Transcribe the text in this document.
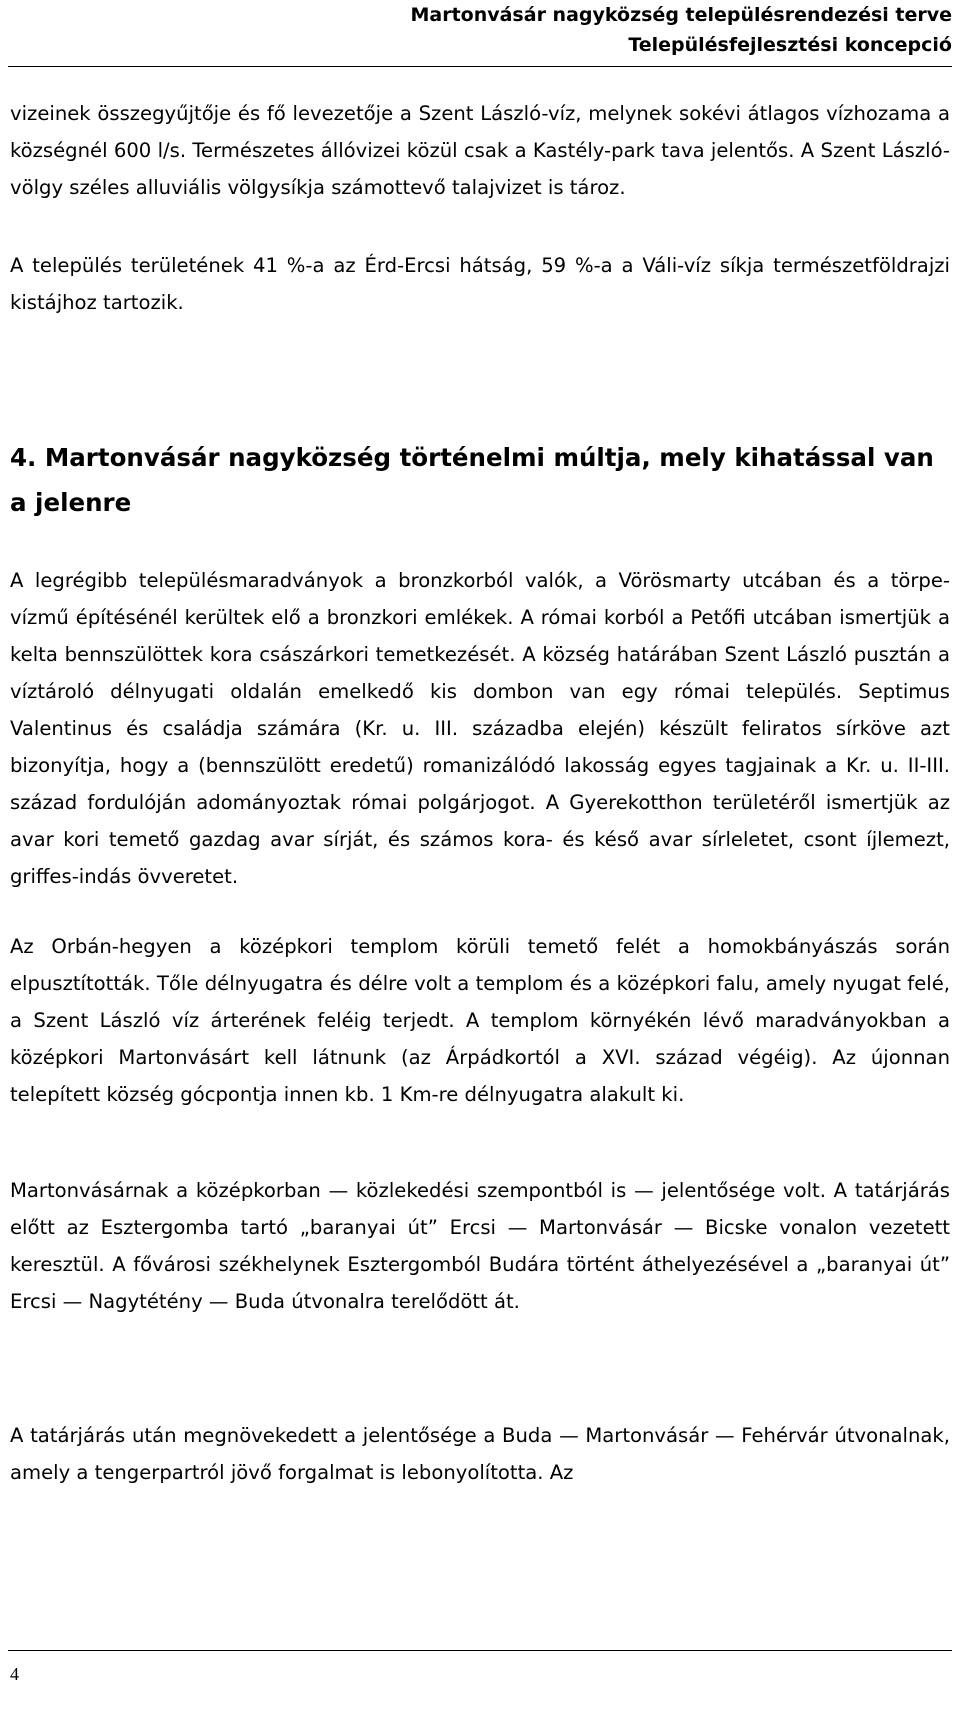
Martonvásár nagyközség településrendezési terve
Településfejlesztési koncepció

vizeinek összegyűjtője és fő levezetője a Szent László-víz, melynek sokévi átlagos vízhozama a községnél 600 l/s. Természetes állóvizei közül csak a Kastély-park tava jelentős. A Szent László-völgy széles alluviális völgysíkja számottevő talajvizet is tároz.

A település területének 41 %-a az Érd-Ercsi hátság, 59 %-a a Váli-víz síkja természetföldrajzi kistájhoz tartozik.

4. Martonvásár nagyközség történelmi múltja, mely kihatással van a jelenre

A legrégibb településmaradványok a bronzkorból valók, a Vörösmarty utcában és a törpe-vízmű építésénél kerültek elő a bronzkori emlékek. A római korból a Petőfi utcában ismertjük a kelta bennszülöttek kora császárkori temetkezését. A község határában Szent László pusztán a víztároló délnyugati oldalán emelkedő kis dombon van egy római település. Septimus Valentinus és családja számára (Kr. u. III. századba elején) készült feliratos sírköve azt bizonyítja, hogy a (bennszülött eredetű) romanizálódó lakosság egyes tagjainak a Kr. u. II-III. század fordulóján adományoztak római polgárjogot. A Gyerekotthon területéről ismertjük az avar kori temető gazdag avar sírját, és számos kora- és késő avar sírleletet, csont íjlemezt, griffes-indás övveretet.

Az Orbán-hegyen a középkori templom körüli temető felét a homokbányászás során elpusztították. Tőle délnyugatra és délre volt a templom és a középkori falu, amely nyugat felé, a Szent László víz árterének feléig terjedt. A templom környékén lévő maradványokban a középkori Martonvásárt kell látnunk (az Árpádkortól a XVI. század végéig). Az újonnan telepített község gócpontja innen kb. 1 Km-re délnyugatra alakult ki.

Martonvásárnak a középkorban — közlekedési szempontból is — jelentősége volt. A tatárjárás előtt az Esztergomba tartó „baranyai út” Ercsi — Martonvásár — Bicske vonalon vezetett keresztül. A fővárosi székhelynek Esztergomból Budára történt áthelyezésével a „baranyai út” Ercsi — Nagytétény — Buda útvonalra terelődött át.

A tatárjárás után megnövekedett a jelentősége a Buda — Martonvásár — Fehérvár útvonalnak, amely a tengerpartról jövő forgalmat is lebonyolította. Az

4
